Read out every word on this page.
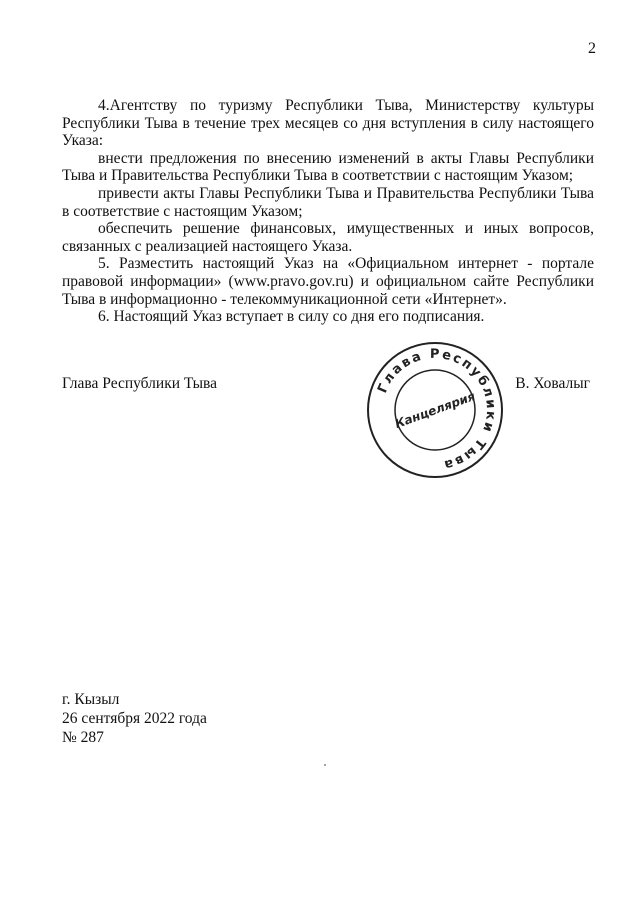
2

4.Агентству по туризму Республики Тыва, Министерству культуры Республики Тыва в течение трех месяцев со дня вступления в силу настоящего Указа:

внести предложения по внесению изменений в акты Главы Республики Тыва и Правительства Республики Тыва в соответствии с настоящим Указом;

привести акты Главы Республики Тыва и Правительства Республики Тыва в соответствие с настоящим Указом;

обеспечить решение финансовых, имущественных и иных вопросов, связанных с реализацией настоящего Указа.

5. Разместить настоящий Указ на «Официальном интернет - портале правовой информации» (www.pravo.gov.ru) и официальном сайте Республики Тыва в информационно - телекоммуникационной сети «Интернет».

6. Настоящий Указ вступает в силу со дня его подписания.

Глава Республики Тыва	В. Ховалыг
Глава Республики Тыва
Канцелярия
г. Кызыл
26 сентября 2022 года
№ 287
